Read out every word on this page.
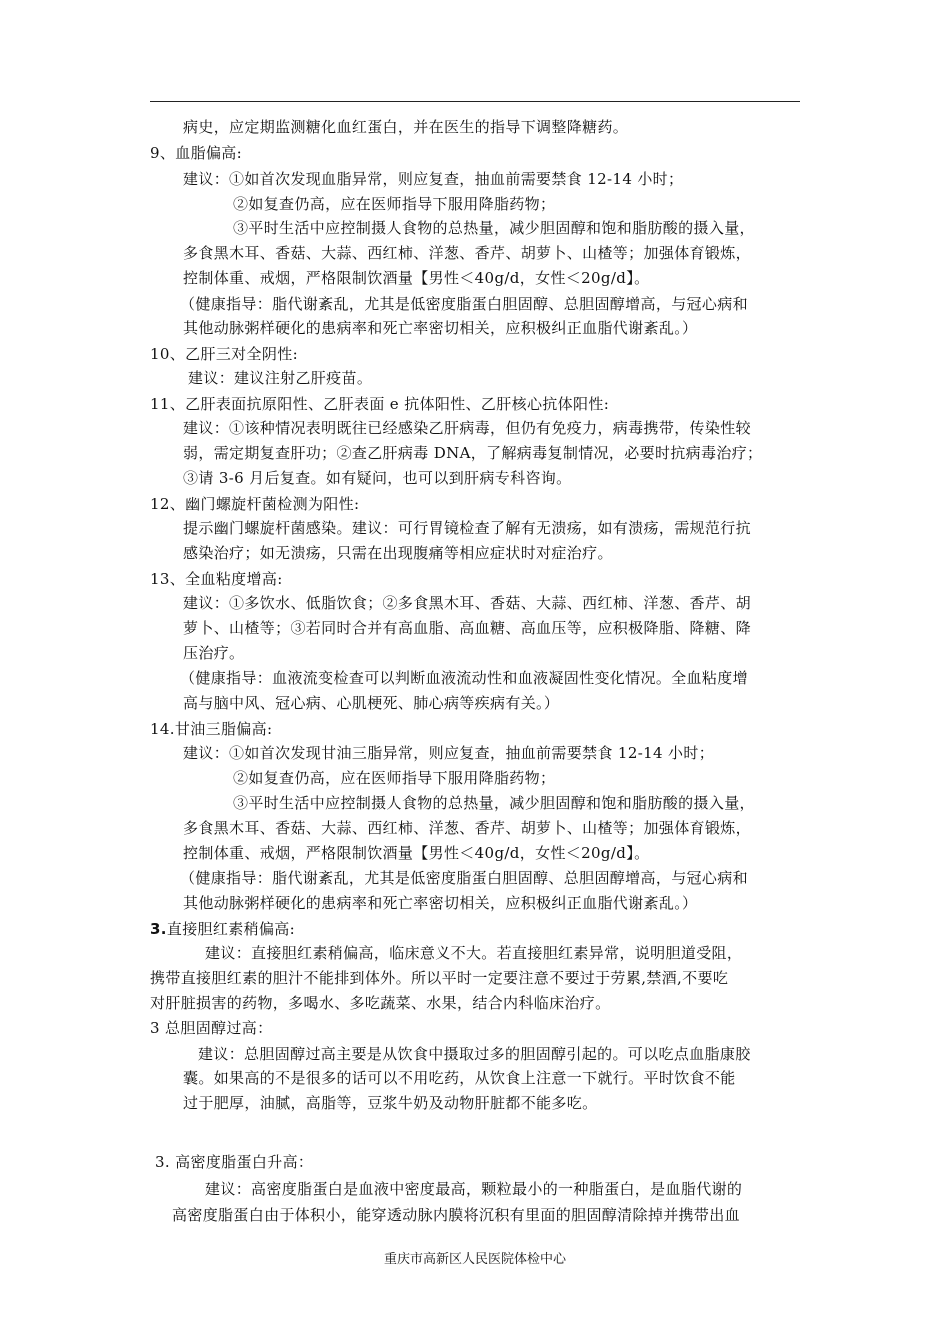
病史，应定期监测糖化血红蛋白，并在医生的指导下调整降糖药。
9、血脂偏高:
建议：①如首次发现血脂异常，则应复查，抽血前需要禁食 12-14 小时；
②如复查仍高，应在医师指导下服用降脂药物；
③平时生活中应控制摄人食物的总热量，减少胆固醇和饱和脂肪酸的摄入量，
多食黑木耳、香菇、大蒜、西红柿、洋葱、香芹、胡萝卜、山楂等；加强体育锻炼，
控制体重、戒烟，严格限制饮酒量【男性＜40g/d，女性＜20g/d】。
（健康指导：脂代谢紊乱，尤其是低密度脂蛋白胆固醇、总胆固醇增高，与冠心病和
其他动脉粥样硬化的患病率和死亡率密切相关，应积极纠正血脂代谢紊乱。）
10、乙肝三对全阴性:
建议：建议注射乙肝疫苗。
11、乙肝表面抗原阳性、乙肝表面 e 抗体阳性、乙肝核心抗体阳性:
建议：①该种情况表明既往已经感染乙肝病毒，但仍有免疫力，病毒携带，传染性较
弱，需定期复查肝功；②查乙肝病毒 DNA，了解病毒复制情况，必要时抗病毒治疗；
③请 3-6 月后复查。如有疑问，也可以到肝病专科咨询。
12、幽门螺旋杆菌检测为阳性:
提示幽门螺旋杆菌感染。建议：可行胃镜检查了解有无溃疡，如有溃疡，需规范行抗
感染治疗；如无溃疡，只需在出现腹痛等相应症状时对症治疗。
13、全血粘度增高:
建议：①多饮水、低脂饮食；②多食黑木耳、香菇、大蒜、西红柿、洋葱、香芹、胡
萝卜、山楂等；③若同时合并有高血脂、高血糖、高血压等，应积极降脂、降糖、降
压治疗。
（健康指导：血液流变检查可以判断血液流动性和血液凝固性变化情况。全血粘度增
高与脑中风、冠心病、心肌梗死、肺心病等疾病有关。）
14.甘油三脂偏高:
建议：①如首次发现甘油三脂异常，则应复查，抽血前需要禁食 12-14 小时；
②如复查仍高，应在医师指导下服用降脂药物；
③平时生活中应控制摄人食物的总热量，减少胆固醇和饱和脂肪酸的摄入量，
多食黑木耳、香菇、大蒜、西红柿、洋葱、香芹、胡萝卜、山楂等；加强体育锻炼，
控制体重、戒烟，严格限制饮酒量【男性＜40g/d，女性＜20g/d】。
（健康指导：脂代谢紊乱，尤其是低密度脂蛋白胆固醇、总胆固醇增高，与冠心病和
其他动脉粥样硬化的患病率和死亡率密切相关，应积极纠正血脂代谢紊乱。）
3.直接胆红素稍偏高:
建议：直接胆红素稍偏高，临床意义不大。若直接胆红素异常，说明胆道受阻，
携带直接胆红素的胆汁不能排到体外。所以平时一定要注意不要过于劳累,禁酒,不要吃
对肝脏损害的药物，多喝水、多吃蔬菜、水果，结合内科临床治疗。
3 总胆固醇过高：
建议：总胆固醇过高主要是从饮食中摄取过多的胆固醇引起的。可以吃点血脂康胶
囊。如果高的不是很多的话可以不用吃药，从饮食上注意一下就行。平时饮食不能
过于肥厚，油腻，高脂等，豆浆牛奶及动物肝脏都不能多吃。
3. 高密度脂蛋白升高：
建议：高密度脂蛋白是血液中密度最高，颗粒最小的一种脂蛋白，是血脂代谢的
高密度脂蛋白由于体积小，能穿透动脉内膜将沉积有里面的胆固醇清除掉并携带出血
重庆市高新区人民医院体检中心
